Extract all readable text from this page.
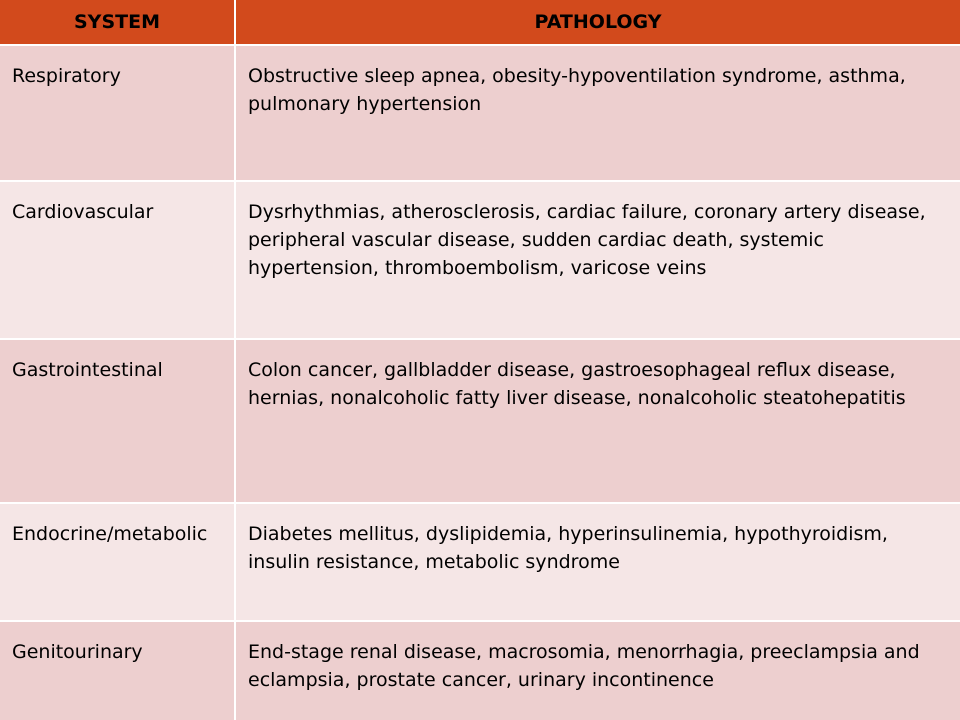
SYSTEM	PATHOLOGY
Respiratory	Obstructive sleep apnea, obesity-hypoventilation syndrome, asthma, pulmonary hypertension
Cardiovascular	Dysrhythmias, atherosclerosis, cardiac failure, coronary artery disease, peripheral vascular disease, sudden cardiac death, systemic hypertension, thromboembolism, varicose veins
Gastrointestinal	Colon cancer, gallbladder disease, gastroesophageal reflux disease, hernias, nonalcoholic fatty liver disease, nonalcoholic steatohepatitis
Endocrine/metabolic	Diabetes mellitus, dyslipidemia, hyperinsulinemia, hypothyroidism, insulin resistance, metabolic syndrome
Genitourinary	End-stage renal disease, macrosomia, menorrhagia, preeclampsia and eclampsia, prostate cancer, urinary incontinence
